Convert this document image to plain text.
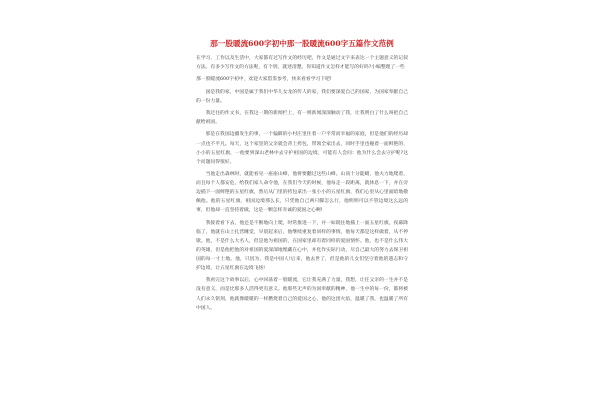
那一股暖流600字初中那一股暖流600字五篇作文范例

在学习、工作以及生活中，大家都有过写作文的经历吧，作文是通过文字来表达一个主题意义的记叙方法。有多少写作文的方法呢，有个别，就述清楚。你知道作文怎样才能写的好吗?小编整理了一些

那一股暖流600字初中，欢迎大家借鉴参考，快来看看学习下吧!

国是我的家，中国是属于我们中华儿女龙的传人的家，我们要深爱自己的国家，为国家奉献自己的一份力量。

我过往的作文书，在我这一期的新闻栏上，有一则新闻深深触动了我，让我明白了什么叫把自己献给祖国。

那是在我国边疆发生的事，一个偏僻的小村庄里住着一户平常而幸福的家庭，但是他们的经历却一点也不平凡。每天，这个家里的父亲就会背上挎包，带领全家出去，同时手里也握着一面鲜艳的、小小的五星红旗，一他要到深山老林中去守护祖国的边境，可能有人会问：他为什么会去守护呢?这个问题问得很好。

当他走出森林时，就能看见一座座山峰，他将要翻过这些山峰。山顶十分陡峭，他夫力地爬着，而且每个人都安危，给我们家人命令他，在我们今天的时候，他每走一段距离，就休息一下，并在旁边插下一面鲜艳的五星红旗，然后从门里的挎包拿出一张小小的五星红旗，我们心里从心里面暗地敬佩他。他的五星红旗，祖国边境那么长，只凭他自己两只脚怎么行，他明明可以不管边境这么远的事，但他却一直坚持着做，这是一颗怎样赤诚的爱国之心啊!

我接着看下去，他还是不断地向上爬，时常推进一下，并一如既往地插上一面五星红旗，夜幕降临了，他就在山上扎营睡觉，早晨起来后，他继续重复着同样的事情。他每天都是这样做着，从不停歇。他，不是什么大名人，但是他为祖国的，在国家里却有着同样的爱国情怀。他，也不是什么伟大的英雄，但是他把他的对祖国的爱深深地埋藏在心中，并化作实际行动，尽自己最大的努力去保卫祖国的每一寸土地。他，只因为，我是中国人!后来，他去世了，但是他的儿女们坚守着他的遗志和守护边境，让五星红旗在边境飞扬!

我看完这个故事以后，心中回荡着一股暖流，它让我充满了力量，我想，让任父亲的一生并不是没有意义，而是比那多人活得更有意义。他那些无声的为国奉献的精神，他一生中的每一份，都将被人们永久铭刻，他就像暖暖的一样燃烧着自己的爱国之心，他的这团火焰，温暖了我，也温暖了所有中国人。
